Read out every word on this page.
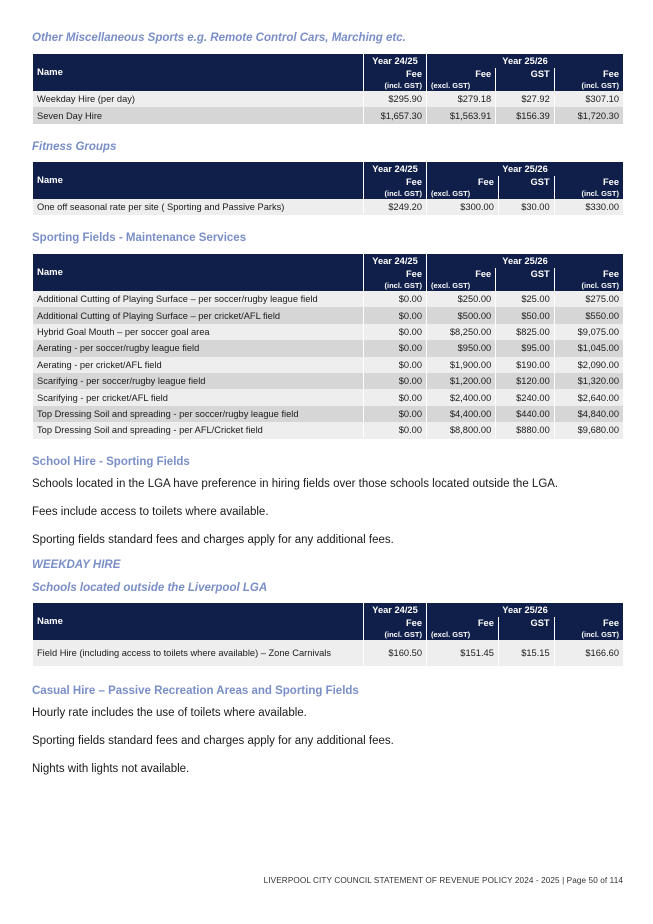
Other Miscellaneous Sports e.g. Remote Control Cars, Marching etc.
Name	Year 24/25	Year 25/26		
	Fee	Fee	GST	Fee
	(incl. GST)	(excl. GST)		(incl. GST)
Weekday Hire (per day)	$295.90	$279.18	$27.92	$307.10
Seven Day Hire	$1,657.30	$1,563.91	$156.39	$1,720.30
Fitness Groups
Name	Year 24/25	Year 25/26		
	Fee	Fee	GST	Fee
	(incl. GST)	(excl. GST)		(incl. GST)
One off seasonal rate per site ( Sporting and Passive Parks)	$249.20	$300.00	$30.00	$330.00
Sporting Fields - Maintenance Services
Name	Year 24/25	Year 25/26		
	Fee	Fee	GST	Fee
	(incl. GST)	(excl. GST)		(incl. GST)
Additional Cutting of Playing Surface – per soccer/rugby league field	$0.00	$250.00	$25.00	$275.00
Additional Cutting of Playing Surface – per cricket/AFL field	$0.00	$500.00	$50.00	$550.00
Hybrid Goal Mouth – per soccer goal area	$0.00	$8,250.00	$825.00	$9,075.00
Aerating - per soccer/rugby league field	$0.00	$950.00	$95.00	$1,045.00
Aerating - per cricket/AFL field	$0.00	$1,900.00	$190.00	$2,090.00
Scarifying - per soccer/rugby league field	$0.00	$1,200.00	$120.00	$1,320.00
Scarifying - per cricket/AFL field	$0.00	$2,400.00	$240.00	$2,640.00
Top Dressing Soil and spreading - per soccer/rugby league field	$0.00	$4,400.00	$440.00	$4,840.00
Top Dressing Soil and spreading - per AFL/Cricket field	$0.00	$8,800.00	$880.00	$9,680.00
School Hire - Sporting Fields
Schools located in the LGA have preference in hiring fields over those schools located outside the LGA.
Fees include access to toilets where available.
Sporting fields standard fees and charges apply for any additional fees.
WEEKDAY HIRE
Schools located outside the Liverpool LGA
Name	Year 24/25	Year 25/26		
	Fee	Fee	GST	Fee
	(incl. GST)	(excl. GST)		(incl. GST)
Field Hire (including access to toilets where available) – Zone Carnivals	$160.50	$151.45	$15.15	$166.60
Casual Hire – Passive Recreation Areas and Sporting Fields
Hourly rate includes the use of toilets where available.
Sporting fields standard fees and charges apply for any additional fees.
Nights with lights not available.
LIVERPOOL CITY COUNCIL STATEMENT OF REVENUE POLICY 2024 - 2025 | Page 50 of 114
